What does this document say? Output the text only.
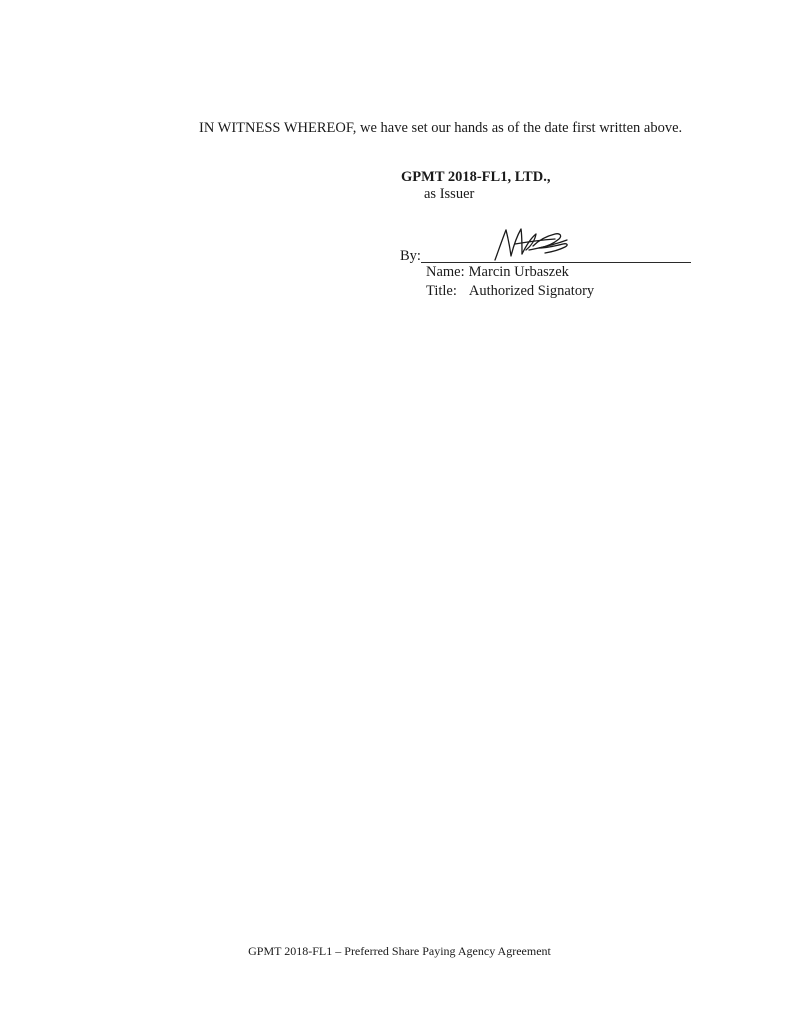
IN WITNESS WHEREOF, we have set our hands as of the date first written above.
GPMT 2018-FL1, LTD.,
as Issuer
By:
Name: Marcin Urbaszek
Title: Authorized Signatory
GPMT 2018-FL1 – Preferred Share Paying Agency Agreement
